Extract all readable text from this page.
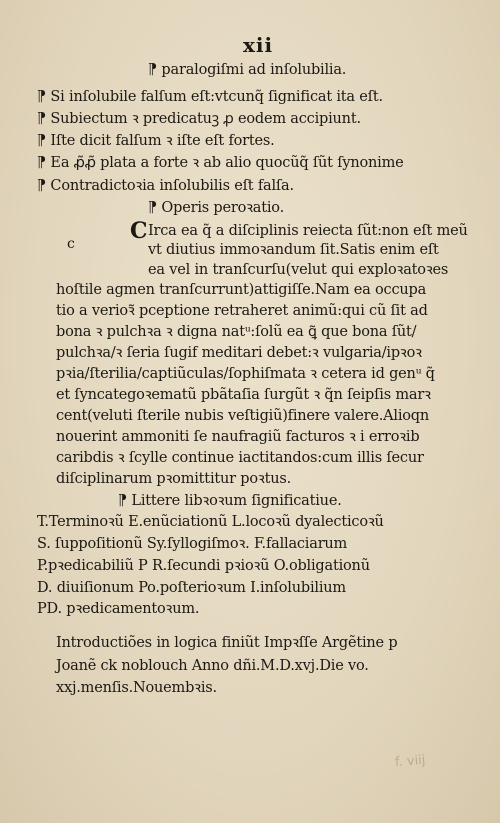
xii
c	C
⁋ paralogiſmi ad inſolubilia.
⁋ Si inſolubile falſum eſt:vtcunq̃ ſignificat ita eſt.
⁋ Subiectum ꝛ predicatuꝫ ꝓ eodem accipiunt.
⁋ Iſte dicit falſum ꝛ iſte eſt fortes.
⁋ Ea ꝓ̃ꝓ̃ plata a forte ꝛ ab alio quocũq̃ ſũt ſynonime
⁋ Contradictoꝛia inſolubilis eſt falſa.
⁋ Operis peroꝛatio.
Irca ea q̃ a diſciplinis reiecta ſũt:non eſt meũ
vt diutius immoꝛandum ſit.Satis enim eſt
ea vel in tranſcurſu(velut qui exploꝛatoꝛes
hoſtile agmen tranſcurrunt)attigiſſe.Nam ea occupa
tio a verioꝛ̃ pceptione retraheret animũ:qui cũ ſit ad
bona ꝛ pulchꝛa ꝛ digna natᵘ:ſolũ ea ꝗ̃ que bona ſũt/
pulchꝛa/ꝛ ſeria ſugif meditari debet:ꝛ vulgaria/ipꝛoꝛ
pꝛia/ſterilia/captiũculas/ſophiſmata ꝛ cetera id genᵘ q̃
et ſyncategoꝛematũ pbãtaſia ſurgũt ꝛ q̃n ſeipſis marꝛ
cent(veluti ſterile nubis veſtigiũ)finere valere.Alioqn
nouerint ammoniti ſe naufragiũ facturos ꝛ i erroꝛib
caribdis ꝛ ſcylle continue iactitandos:cum illis ſecur
diſciplinarum pꝛomittitur poꝛtus.
⁋ Littere libꝛoꝛum ſignificatiue.
T.Terminoꝛũ E.enũciationũ L.locoꝛũ dyalecticoꝛũ
S. ſuppoſitionũ Sy.ſyllogiſmoꝛ. F.fallaciarum
P.pꝛedicabiliũ P R.ſecundi pꝛioꝛũ O.obligationũ
D. diuiſionum Po.poſterioꝛum I.inſolubilium
PD. pꝛedicamentoꝛum.
Introductiões in logica finiũt Impꝛſſe Argẽtine p
Joanẽ ck noblouch Anno dñi.M.D.xvj.Die vo.
xxj.menſis.Nouembꝛis.
f. viij
